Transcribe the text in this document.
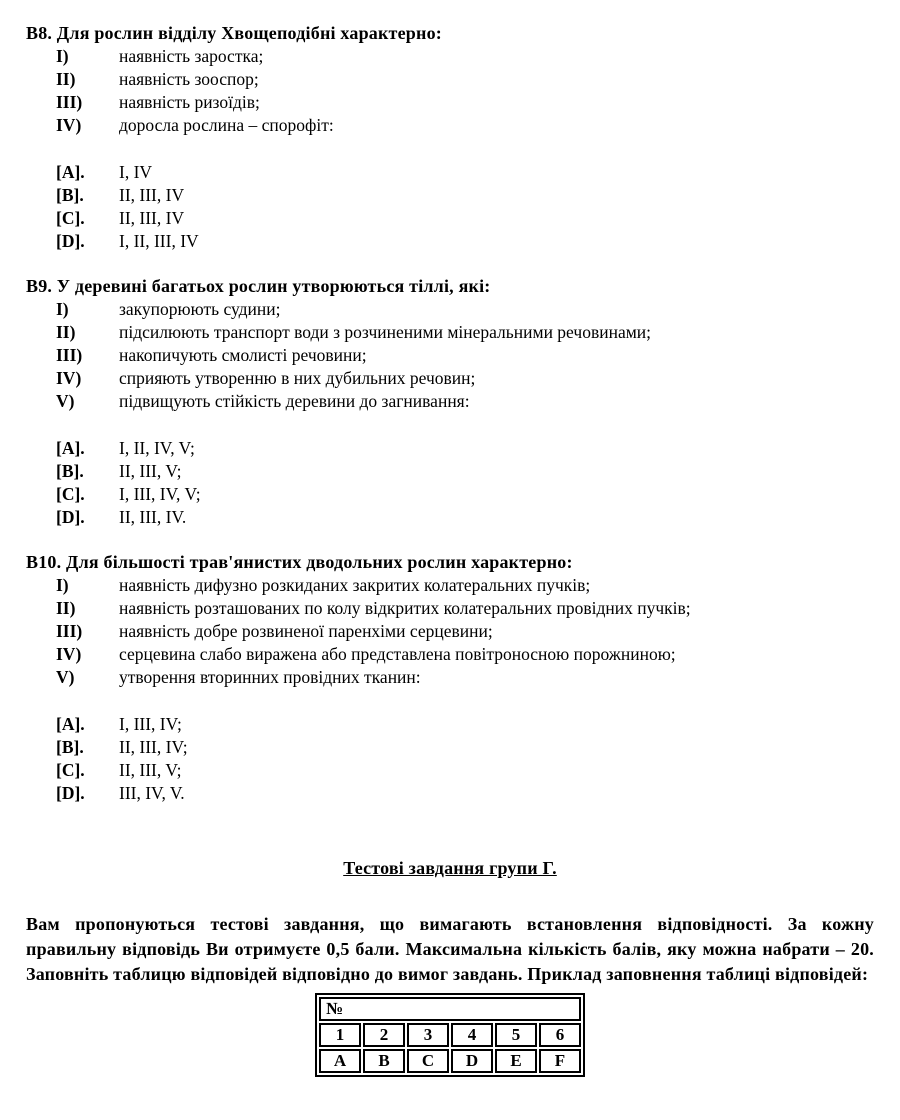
В8. Для рослин відділу Хвощеподібні характерно:
I)	наявність заростка;
II)	наявність зооспор;
III)	наявність ризоїдів;
IV)	доросла рослина – спорофіт:
[A].	I, IV
[B].	II, III, IV
[C].	II, III, IV
[D].	I, II, III, IV
В9. У деревині багатьох рослин утворюються тіллі, які:
I)	закупорюють судини;
II)	підсилюють транспорт води з розчиненими мінеральними речовинами;
III)	накопичують смолисті речовини;
IV)	сприяють утворенню в них дубильних речовин;
V)	підвищують стійкість деревини до загнивання:
[A].	I, II, IV, V;
[B].	II, III, V;
[C].	I, III, IV, V;
[D].	II, III, IV.
В10. Для більшості трав'янистих дводольних рослин характерно:
I)	наявність дифузно розкиданих закритих колатеральних пучків;
II)	наявність розташованих по колу відкритих колатеральних провідних пучків;
III)	наявність добре розвиненої паренхіми серцевини;
IV)	серцевина слабо виражена або представлена повітроносною порожниною;
V)	утворення вторинних провідних тканин:
[A].	I, III, IV;
[B].	II, III, IV;
[C].	II, III, V;
[D].	III, IV, V.
Тестові завдання групи Г.

Вам пропонуються тестові завдання, що вимагають встановлення відповідності. За кожну правильну відповідь Ви отримуєте 0,5 бали. Максимальна кількість балів, яку можна набрати – 20. Заповніть таблицю відповідей відповідно до вимог завдань. Приклад заповнення таблиці відповідей:

№					
1	2	3	4	5	6
A	B	C	D	E	F
